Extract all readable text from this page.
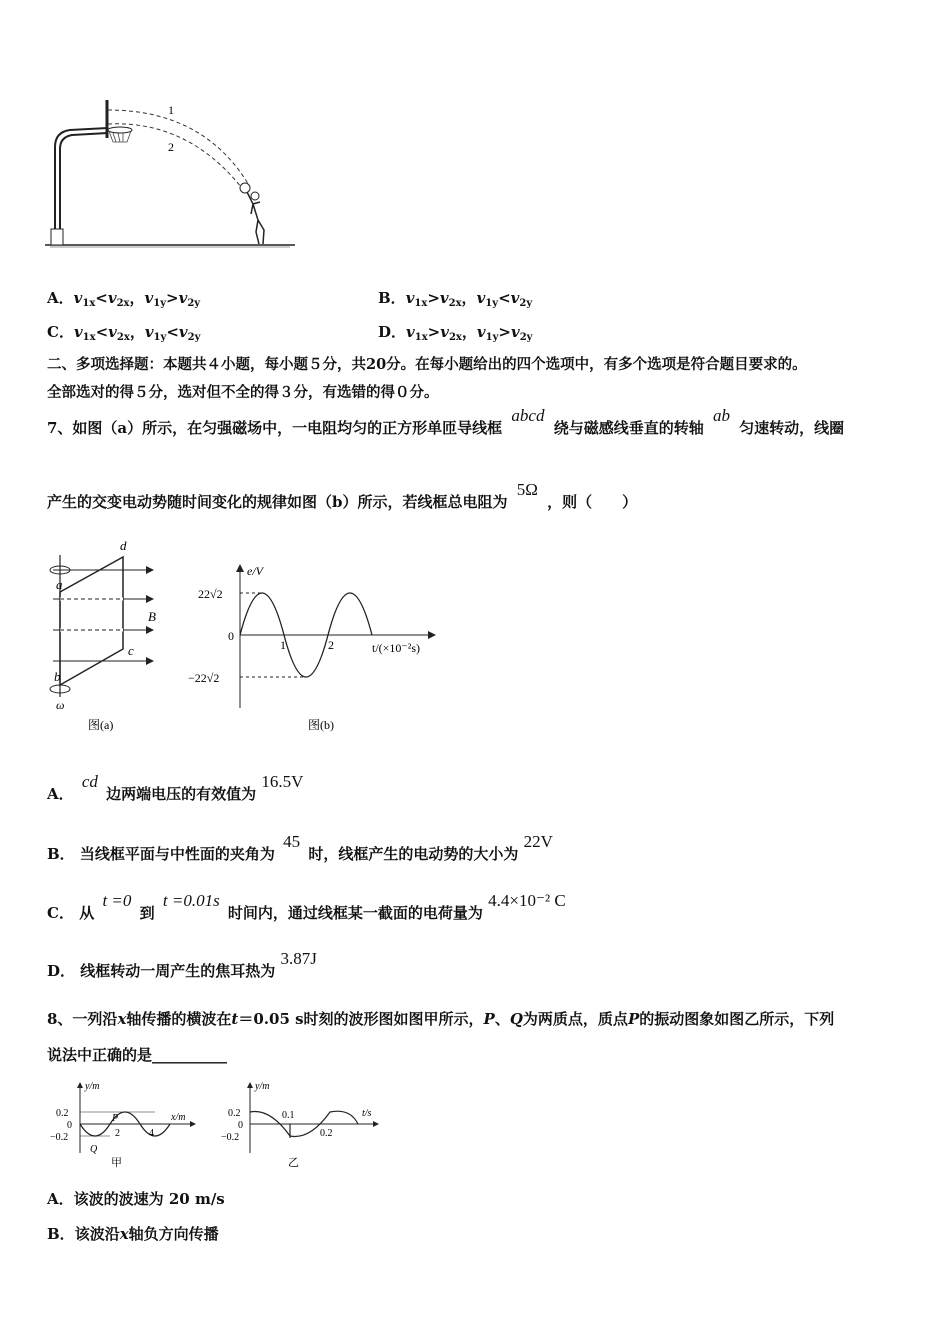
1
2
A．$v_{1x}<v_{2x}$，$v_{1y}>v_{2y}$	B．$v_{1x}>v_{2x}$，$v_{1y}<v_{2y}$
C．$v_{1x}<v_{2x}$，$v_{1y}<v_{2y}$	D．$v_{1x}>v_{2x}$，$v_{1y}>v_{2y}$
二、多项选择题：本题共４小题，每小题５分，共20分。在每小题给出的四个选项中，有多个选项是符合题目要求的。
全部选对的得５分，选对但不全的得３分，有选错的得０分。
7、如图（a）所示，在匀强磁场中，一电阻均匀的正方形单匝导线框 abcd 绕与磁感线垂直的转轴 ab 匀速转动，线圈
产生的交变电动势随时间变化的规律如图（b）所示，若线框总电阻为 5Ω ，则（　　）
a
b
c
d
B
ω
图(a)
e/V
22√2
−22√2
0
1	2	t/(×10⁻²s)
图(b)
A． cd 边两端电压的有效值为 16.5V
B． 当线框平面与中性面的夹角为 45 时，线框产生的电动势的大小为 22V
C． 从 t =0 到 t =0.01s 时间内，通过线框某一截面的电荷量为 4.4×10⁻² C
D． 线框转动一周产生的焦耳热为 3.87J
8、一列沿x轴传播的横波在t＝0.05 s时刻的波形图如图甲所示，P、Q为两质点，质点P的振动图象如图乙所示，下列
说法中正确的是__________
y/m
0.2
0
−0.2
P
Q
2	4
x/m
甲
y/m
0.2
0
−0.2
0.1
0.2
t/s
乙
A．该波的波速为 20 m/s
B．该波沿x轴负方向传播
